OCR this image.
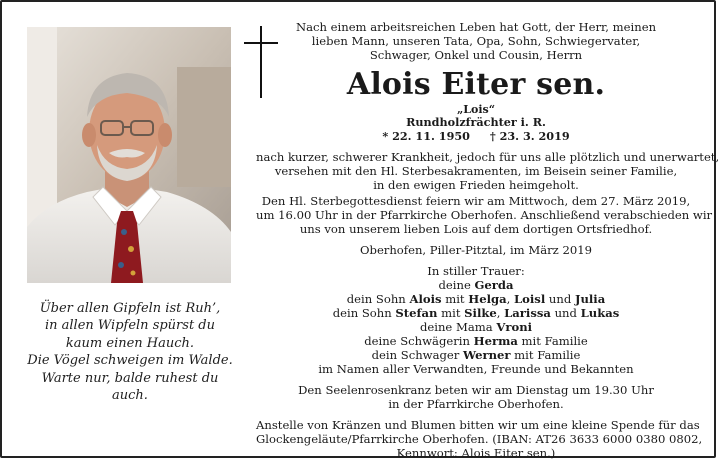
Über allen Gipfeln ist Ruh’,
in allen Wipfeln spürst du
kaum einen Hauch.
Die Vögel schweigen im Walde.
Warte nur, balde ruhest du auch.
Nach einem arbeitsreichen Leben hat Gott, der Herr, meinen
lieben Mann, unseren Tata, Opa, Sohn, Schwiegervater,
Schwager, Onkel und Cousin, Herrn
Alois Eiter sen.
„Lois“
Rundholzfrächter i. R.
* 22. 11. 1950 † 23. 3. 2019
nach kurzer, schwerer Krankheit, jedoch für uns alle plötzlich und unerwartet,
versehen mit den Hl. Sterbesakramenten, im Beisein seiner Familie,
in den ewigen Frieden heimgeholt.
Den Hl. Sterbegottesdienst feiern wir am Mittwoch, dem 27. März 2019,
um 16.00 Uhr in der Pfarrkirche Oberhofen. Anschließend verabschieden wir
uns von unserem lieben Lois auf dem dortigen Ortsfriedhof.
Oberhofen, Piller-Pitztal, im März 2019
In stiller Trauer:
deine Gerda
dein Sohn Alois mit Helga, Loisl und Julia
dein Sohn Stefan mit Silke, Larissa und Lukas
deine Mama Vroni
deine Schwägerin Herma mit Familie
dein Schwager Werner mit Familie
im Namen aller Verwandten, Freunde und Bekannten
Den Seelenrosenkranz beten wir am Dienstag um 19.30 Uhr
in der Pfarrkirche Oberhofen.
Anstelle von Kränzen und Blumen bitten wir um eine kleine Spende für das
Glockengeläute/Pfarrkirche Oberhofen. (IBAN: AT26 3633 6000 0380 0802,
Kennwort: Alois Eiter sen.)
